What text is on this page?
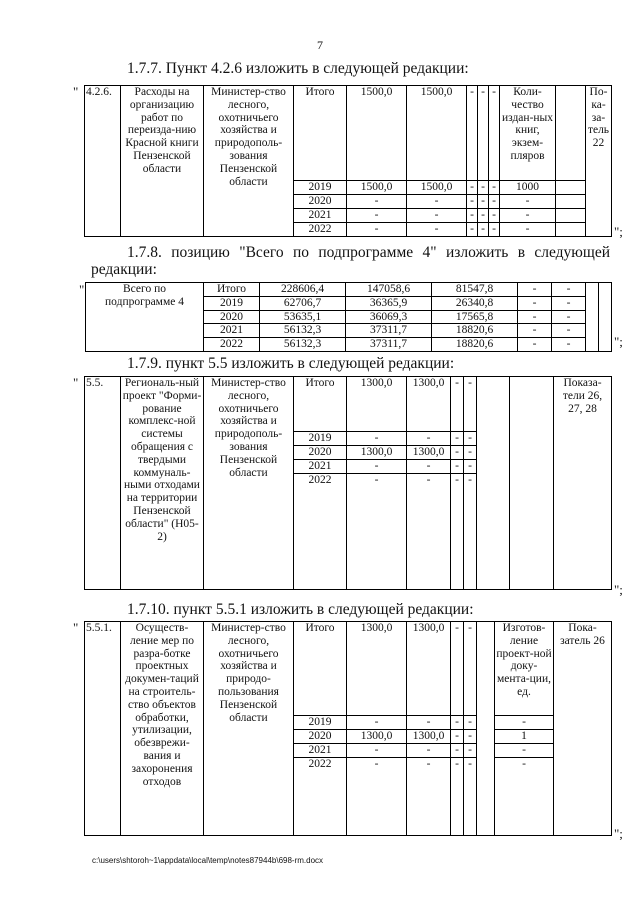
7
1.7.7. Пункт 4.2.6 изложить в следующей редакции:
" 4.2.6.	Расходы на организацию работ по переизда-нию Красной книги Пензенской области	Министер-ство лесного, охотничьего хозяйства и природополь-зования Пензенской области	Итого	1500,0	1500,0	-	-	-	Коли-чество издан-ных книг, экзем-пляров		По-ка-за-тель 22
			2019	1500,0	1500,0	-	-	-	1000		
			2020	-	-	-	-	-	-		
			2021	-	-	-	-	-	-		
			2022	-	-	-	-	-	-			";
1.7.8. позицию "Всего по подпрограмме 4" изложить в следующей
редакции:
"	Всего по подпрограмме 4	Итого	228606,4	147058,6	81547,8	-	-		
	2019	62706,7	36365,9	26340,8	-	-		
	2020	53635,1	36069,3	17565,8	-	-		
	2021	56132,3	37311,7	18820,6	-	-		
	2022	56132,3	37311,7	18820,6	-	-			";
1.7.9. пункт 5.5 изложить в следующей редакции:
" 5.5.	Региональ-ный проект "Форми-рование комплекс-ной системы обращения с твердыми коммуналь-ными отходами на территории Пензенской области" (Н05-2)	Министер-ство лесного, охотничьего хозяйства и природополь-зования Пензенской области	Итого	1300,0	1300,0	-	-			Показа-тели 26, 27, 28
			2019	-	-	-	-			
			2020	1300,0	1300,0	-	-			
			2021	-	-	-	-			
			2022	-	-	-	-			
";
1.7.10. пункт 5.5.1 изложить в следующей редакции:
" 5.5.1.	Осуществ-ление мер по разра-ботке проектных докумен-таций на строитель-ство объектов обработки, утилизации, обезврежи-вания и захоронения отходов	Министер-ство лесного, охотничьего хозяйства и природо-пользования Пензенской области	Итого	1300,0	1300,0	-	-		Изготов-ление проект-ной доку-мента-ции, ед.	Пока-затель 26
			2019	-	-	-	-		-	
			2020	1300,0	1300,0	-	-		1	
			2021	-	-	-	-		-	
			2022	-	-	-	-		-	
";
c:\users\shtoroh~1\appdata\local\temp\notes87944b\698-rm.docx
